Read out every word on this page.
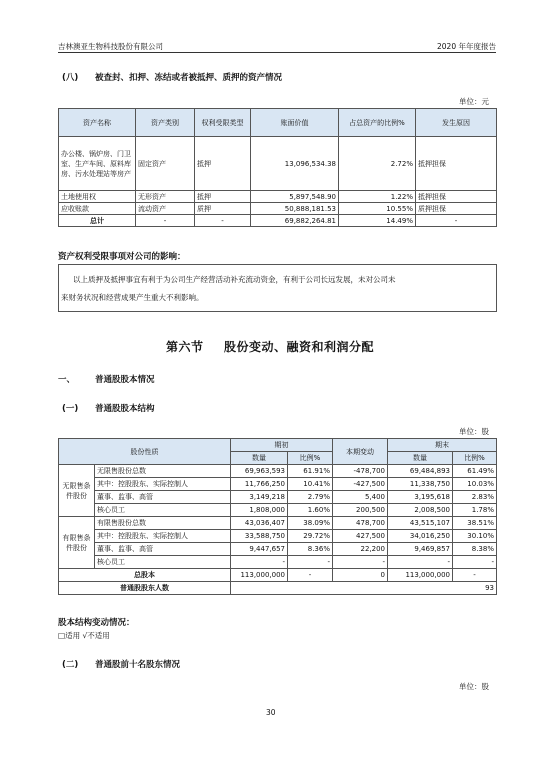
吉林澳亚生物科技股份有限公司	2020 年年度报告
(八) 被查封、扣押、冻结或者被抵押、质押的资产情况
单位：元
资产名称	资产类别	权利受限类型	账面价值	占总资产的比例%	发生原因
办公楼、锅炉房、门卫室、生产车间、原料库房、污水处理站等房产	固定资产	抵押	13,096,534.38	2.72%	抵押担保
土地使用权	无形资产	抵押	5,897,548.90	1.22%	抵押担保
应收账款	流动资产	质押	50,888,181.53	10.55%	质押担保
总计	-	-	69,882,264.81	14.49%	-
资产权利受限事项对公司的影响：
以上质押及抵押事宜有利于为公司生产经营活动补充流动资金，有利于公司长远发展，未对公司未
来财务状况和经营成果产生重大不利影响。
第六节 股份变动、融资和利润分配
一、 普通股股本情况
(一) 普通股股本结构
单位：股
股份性质		期初		本期变动	期末	
		数量	比例%		数量	比例%
无限售条件股份	无限售股份总数	69,963,593	61.91%	-478,700	69,484,893	61.49%
	其中：控股股东、实际控制人	11,766,250	10.41%	-427,500	11,338,750	10.03%
	董事、监事、高管	3,149,218	2.79%	5,400	3,195,618	2.83%
	核心员工	1,808,000	1.60%	200,500	2,008,500	1.78%
有限售条件股份	有限售股份总数	43,036,407	38.09%	478,700	43,515,107	38.51%
	其中：控股股东、实际控制人	33,588,750	29.72%	427,500	34,016,250	30.10%
	董事、监事、高管	9,447,657	8.36%	22,200	9,469,857	8.38%
	核心员工	-	-	-	-	-
总股本		113,000,000	-	0	113,000,000	-
普通股股东人数		93				
股本结构变动情况：
□适用 √不适用
(二) 普通股前十名股东情况
单位：股
30
